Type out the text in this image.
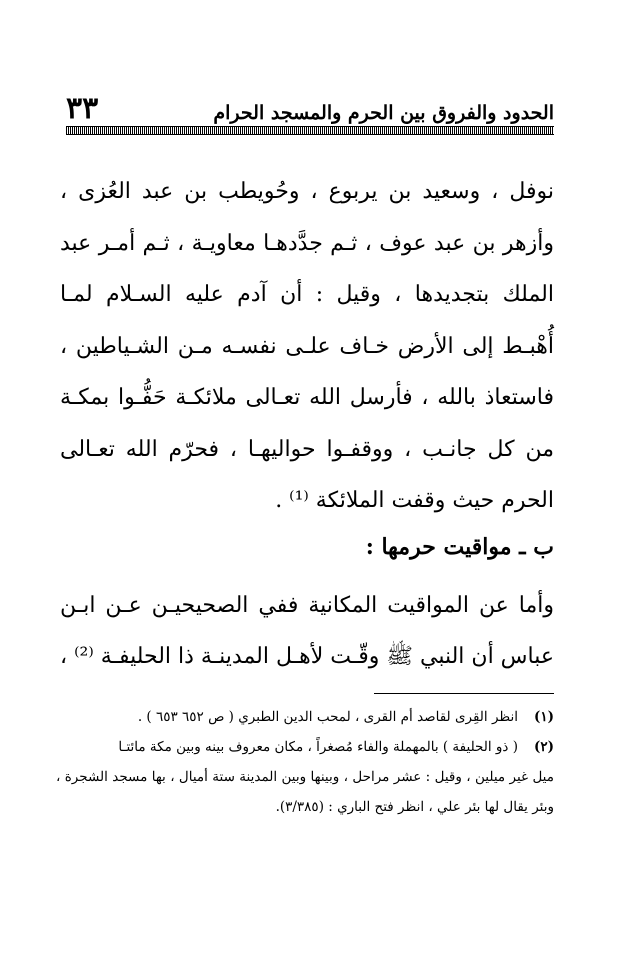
الحدود والفروق بين الحرم والمسجد الحرام
٣٣

نوفل ، وسعيد بن يربوع ، وحُويطب بن عبد العُزى ، وأزهر بن عبد عوف ، ثـم جدَّدهـا معاويـة ، ثـم أمـر عبد الملك بتجديدها ، وقيل : أن آدم عليه السـلام لمـا أُهْبـط إلى الأرض خـاف علـى نفسـه مـن الشـياطين ، فاستعاذ بالله ، فأرسل الله تعـالى ملائكـة حَفُّـوا بمكـة من كل جانـب ، ووقفـوا حواليهـا ، فحرّم الله تعـالى الحرم حيث وقفت الملائكة ⁽¹⁾ .

ب ـ مواقيت حرمها :

وأما عن المواقيت المكانية ففي الصحيحيـن عـن ابـن عباس أن النبي ﷺ وقّـت لأهـل المدينـة ذا الحليفـة ⁽²⁾ ،

(١)
انظر القِرى لقاصد أم القرى ، لمحب الدين الطبري ( ص ٦٥٢ ٦٥٣ ) .
(٢)
( ذو الحليفة ) بالمهملة والفاء مُصغراً ، مكان معروف بينه وبين مكة مائتـا
ميل غير ميلين ، وقيل : عشر مراحل ، وبينها وبين المدينة ستة أميال ، بها مسجد الشجرة ، وبئر يقال لها بئر علي ، انظر فتح الباري : (٣/٣٨٥).
